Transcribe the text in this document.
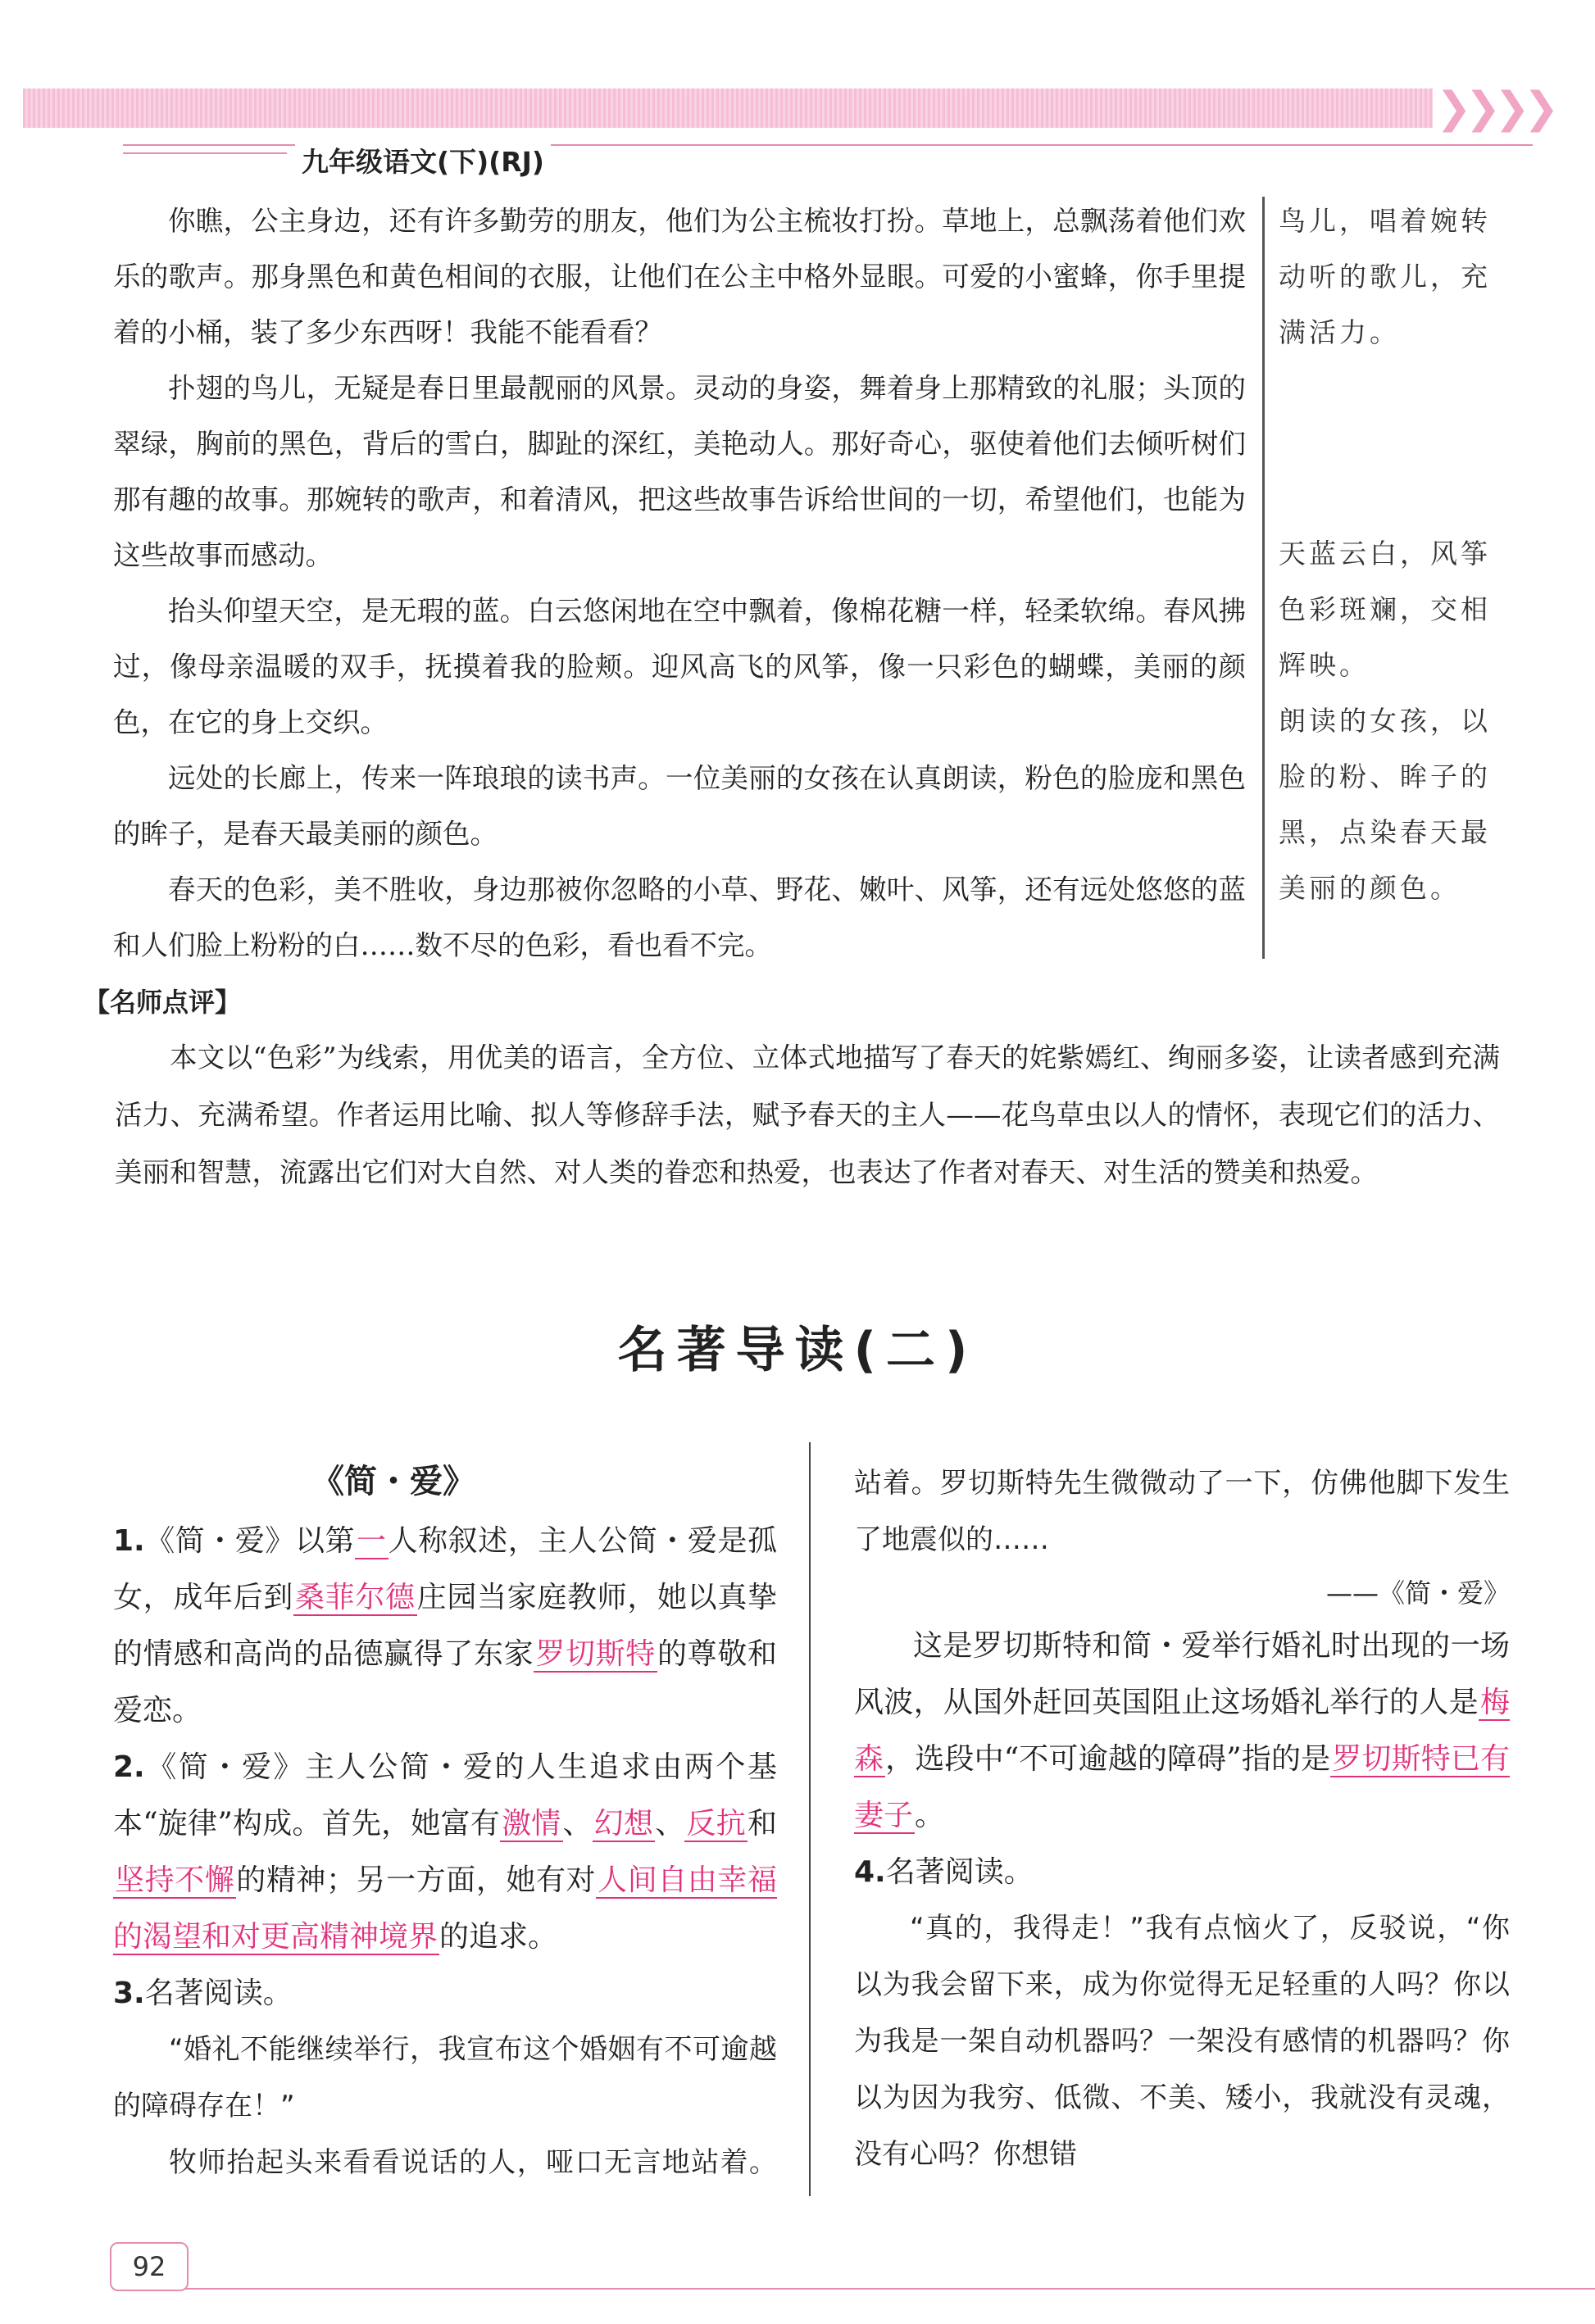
❯❯❯❯
九年级语文(下)(RJ)
你瞧，公主身边，还有许多勤劳的朋友，他们为公主梳妆打扮。草地上，总飘荡着他们欢乐的歌声。那身黑色和黄色相间的衣服，让他们在公主中格外显眼。可爱的小蜜蜂，你手里提着的小桶，装了多少东西呀！我能不能看看？
扑翅的鸟儿，无疑是春日里最靓丽的风景。灵动的身姿，舞着身上那精致的礼服；头顶的翠绿，胸前的黑色，背后的雪白，脚趾的深红，美艳动人。那好奇心，驱使着他们去倾听树们那有趣的故事。那婉转的歌声，和着清风，把这些故事告诉给世间的一切，希望他们，也能为这些故事而感动。
抬头仰望天空，是无瑕的蓝。白云悠闲地在空中飘着，像棉花糖一样，轻柔软绵。春风拂过，像母亲温暖的双手，抚摸着我的脸颊。迎风高飞的风筝，像一只彩色的蝴蝶，美丽的颜色，在它的身上交织。
远处的长廊上，传来一阵琅琅的读书声。一位美丽的女孩在认真朗读，粉色的脸庞和黑色的眸子，是春天最美丽的颜色。
春天的色彩，美不胜收，身边那被你忽略的小草、野花、嫩叶、风筝，还有远处悠悠的蓝和人们脸上粉粉的白……数不尽的色彩，看也看不完。

鸟儿，唱着婉转动听的歌儿，充满活力。

天蓝云白，风筝色彩斑斓，交相辉映。

朗读的女孩，以脸的粉、眸子的黑，点染春天最美丽的颜色。

【名师点评】

本文以“色彩”为线索，用优美的语言，全方位、立体式地描写了春天的姹紫嫣红、绚丽多姿，让读者感到充满活力、充满希望。作者运用比喻、拟人等修辞手法，赋予春天的主人——花鸟草虫以人的情怀，表现它们的活力、美丽和智慧，流露出它们对大自然、对人类的眷恋和热爱，也表达了作者对春天、对生活的赞美和热爱。

名著导读(二)
《简・爱》

1.《简・爱》以第一人称叙述，主人公简・爱是孤女，成年后到桑菲尔德庄园当家庭教师，她以真挚的情感和高尚的品德赢得了东家罗切斯特的尊敬和爱恋。

2.《简・爱》主人公简・爱的人生追求由两个基本“旋律”构成。首先，她富有激情、幻想、反抗和坚持不懈的精神；另一方面，她有对人间自由幸福的渴望和对更高精神境界的追求。

3.名著阅读。

“婚礼不能继续举行，我宣布这个婚姻有不可逾越的障碍存在！”

牧师抬起头来看看说话的人，哑口无言地站着。

站着。罗切斯特先生微微动了一下，仿佛他脚下发生了地震似的……

——《简・爱》

这是罗切斯特和简・爱举行婚礼时出现的一场风波，从国外赶回英国阻止这场婚礼举行的人是梅森，选段中“不可逾越的障碍”指的是罗切斯特已有妻子。

4.名著阅读。

“真的，我得走！”我有点恼火了，反驳说，“你以为我会留下来，成为你觉得无足轻重的人吗？你以为我是一架自动机器吗？一架没有感情的机器吗？你以为因为我穷、低微、不美、矮小，我就没有灵魂，没有心吗？你想错

92
